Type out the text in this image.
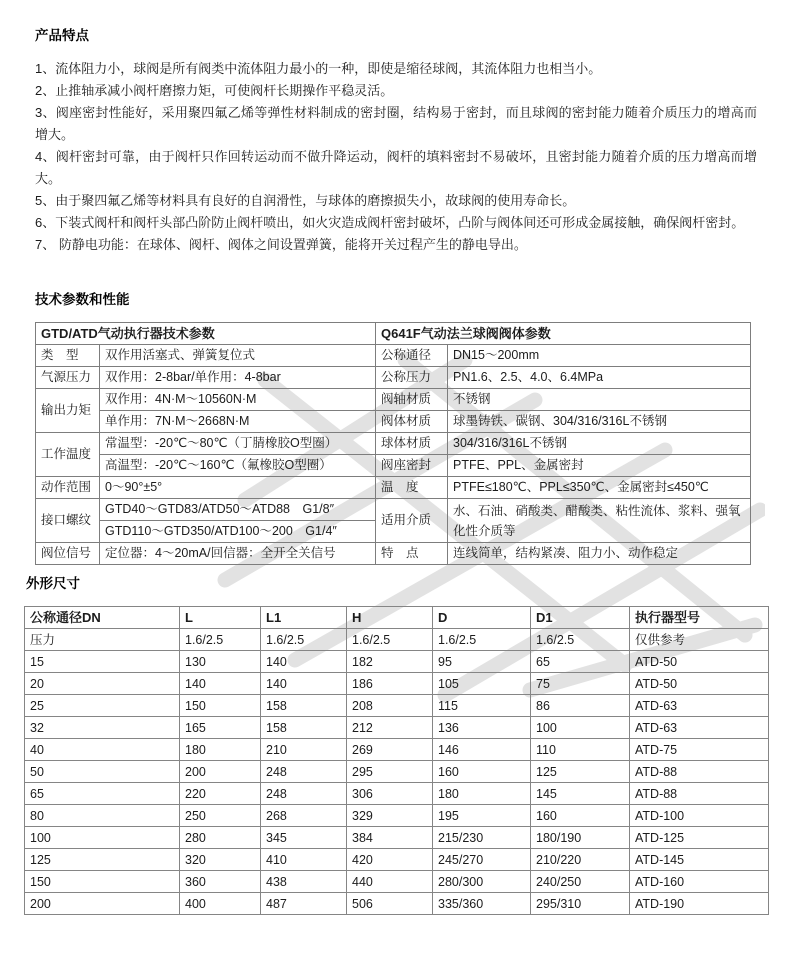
产品特点
1、流体阻力小，球阀是所有阀类中流体阻力最小的一种，即使是缩径球阀，其流体阻力也相当小。
2、止推轴承减小阀杆磨擦力矩，可使阀杆长期操作平稳灵活。
3、阀座密封性能好，采用聚四氟乙烯等弹性材料制成的密封圈，结构易于密封，而且球阀的密封能力随着介质压力的增高而增大。
4、阀杆密封可靠，由于阀杆只作回转运动而不做升降运动，阀杆的填料密封不易破坏，且密封能力随着介质的压力增高而增大。
5、由于聚四氟乙烯等材料具有良好的自润滑性，与球体的磨擦损失小，故球阀的使用寿命长。
6、下装式阀杆和阀杆头部凸阶防止阀杆喷出，如火灾造成阀杆密封破坏，凸阶与阀体间还可形成金属接触，确保阀杆密封。
7、 防静电功能：在球体、阀杆、阀体之间设置弹簧，能将开关过程产生的静电导出。
技术参数和性能
GTD/ATD气动执行器技术参数		Q641F气动法兰球阀阀体参数	
类　型	双作用活塞式、弹簧复位式	公称通径	DN15～200mm
气源压力	双作用：2-8bar/单作用：4-8bar	公称压力	PN1.6、2.5、4.0、6.4MPa
输出力矩	双作用：4N·M～10560N·M	阀轴材质	不锈钢
	单作用：7N·M～2668N·M	阀体材质	球墨铸铁、碳钢、304/316/316L不锈钢
工作温度	常温型：-20℃～80℃（丁腈橡胶O型圈）	球体材质	304/316/316L不锈钢
	高温型：-20℃～160℃（氟橡胶O型圈）	阀座密封	PTFE、PPL、金属密封
动作范围	0～90°±5°	温　度	PTFE≤180℃、PPL≤350℃、金属密封≤450℃
接口螺纹	GTD40～GTD83/ATD50～ATD88　G1/8″	适用介质	水、石油、硝酸类、醋酸类、粘性流体、浆料、强氧化性介质等
	GTD110～GTD350/ATD100～200　G1/4″		
阀位信号	定位器：4～20mA/回信器：全开全关信号	特　点	连线简单，结构紧凑、阻力小、动作稳定
外形尺寸
公称通径DN	L	L1	H	D	D1	执行器型号
压力	1.6/2.5	1.6/2.5	1.6/2.5	1.6/2.5	1.6/2.5	仅供参考
15	130	140	182	95	65	ATD-50
20	140	140	186	105	75	ATD-50
25	150	158	208	115	86	ATD-63
32	165	158	212	136	100	ATD-63
40	180	210	269	146	110	ATD-75
50	200	248	295	160	125	ATD-88
65	220	248	306	180	145	ATD-88
80	250	268	329	195	160	ATD-100
100	280	345	384	215/230	180/190	ATD-125
125	320	410	420	245/270	210/220	ATD-145
150	360	438	440	280/300	240/250	ATD-160
200	400	487	506	335/360	295/310	ATD-190
